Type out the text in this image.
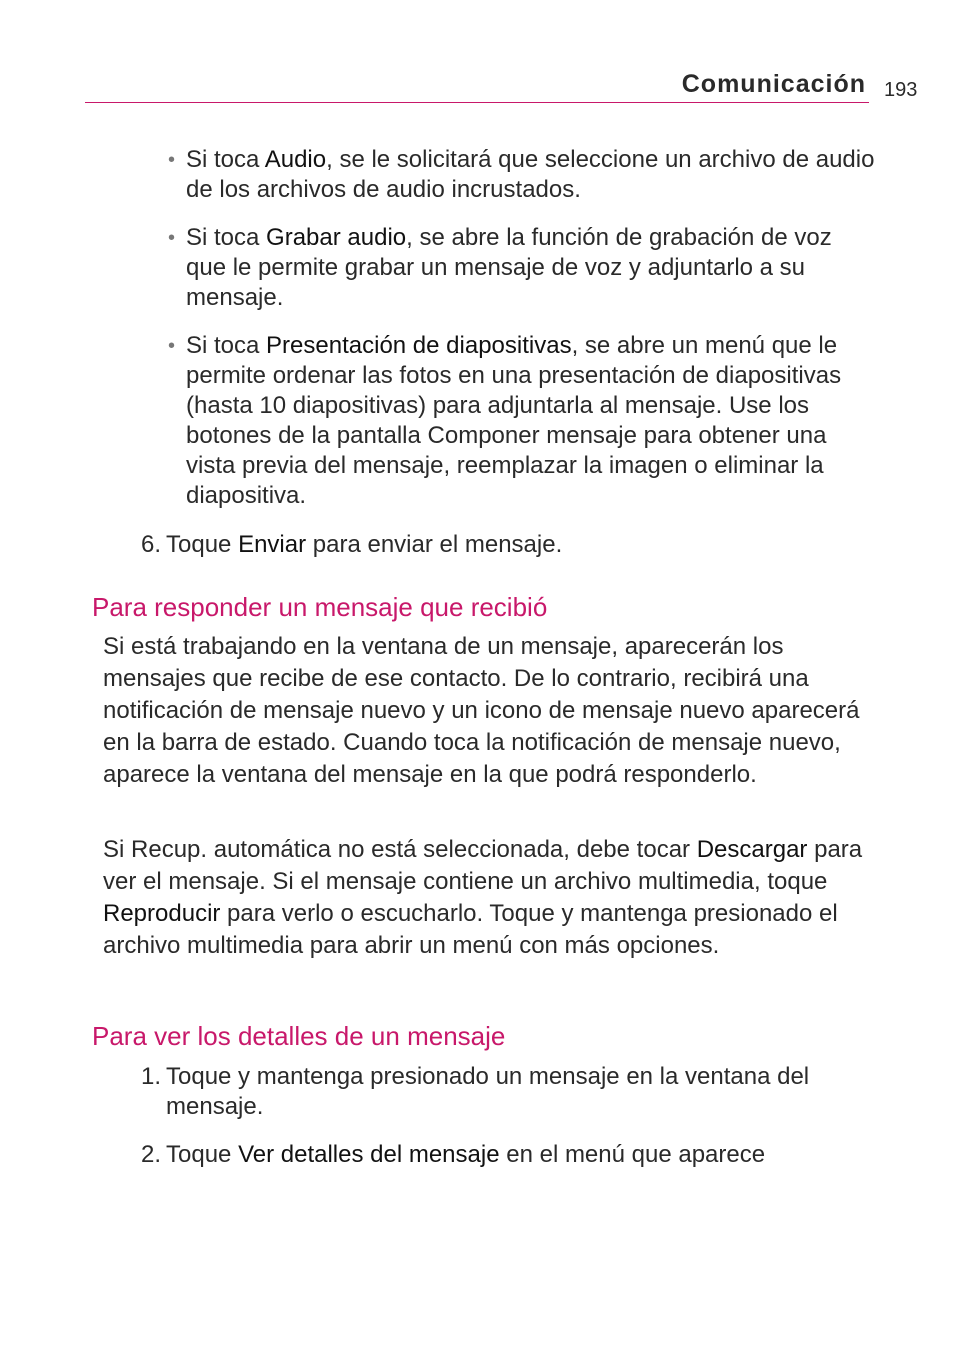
Comunicación 193
• Si toca Audio, se le solicitará que seleccione un archivo de audio de los archivos de audio incrustados.
• Si toca Grabar audio, se abre la función de grabación de voz que le permite grabar un mensaje de voz y adjuntarlo a su mensaje.
• Si toca Presentación de diapositivas, se abre un menú que le permite ordenar las fotos en una presentación de diapositivas (hasta 10 diapositivas) para adjuntarla al mensaje. Use los botones de la pantalla Componer mensaje para obtener una vista previa del mensaje, reemplazar la imagen o eliminar la diapositiva.
6. Toque Enviar para enviar el mensaje.
Para responder un mensaje que recibió
Si está trabajando en la ventana de un mensaje, aparecerán los mensajes que recibe de ese contacto. De lo contrario, recibirá una notificación de mensaje nuevo y un icono de mensaje nuevo aparecerá en la barra de estado. Cuando toca la notificación de mensaje nuevo, aparece la ventana del mensaje en la que podrá responderlo.
Si Recup. automática no está seleccionada, debe tocar Descargar para ver el mensaje. Si el mensaje contiene un archivo multimedia, toque Reproducir para verlo o escucharlo. Toque y mantenga presionado el archivo multimedia para abrir un menú con más opciones.
Para ver los detalles de un mensaje
1. Toque y mantenga presionado un mensaje en la ventana del mensaje.
2. Toque Ver detalles del mensaje en el menú que aparece
